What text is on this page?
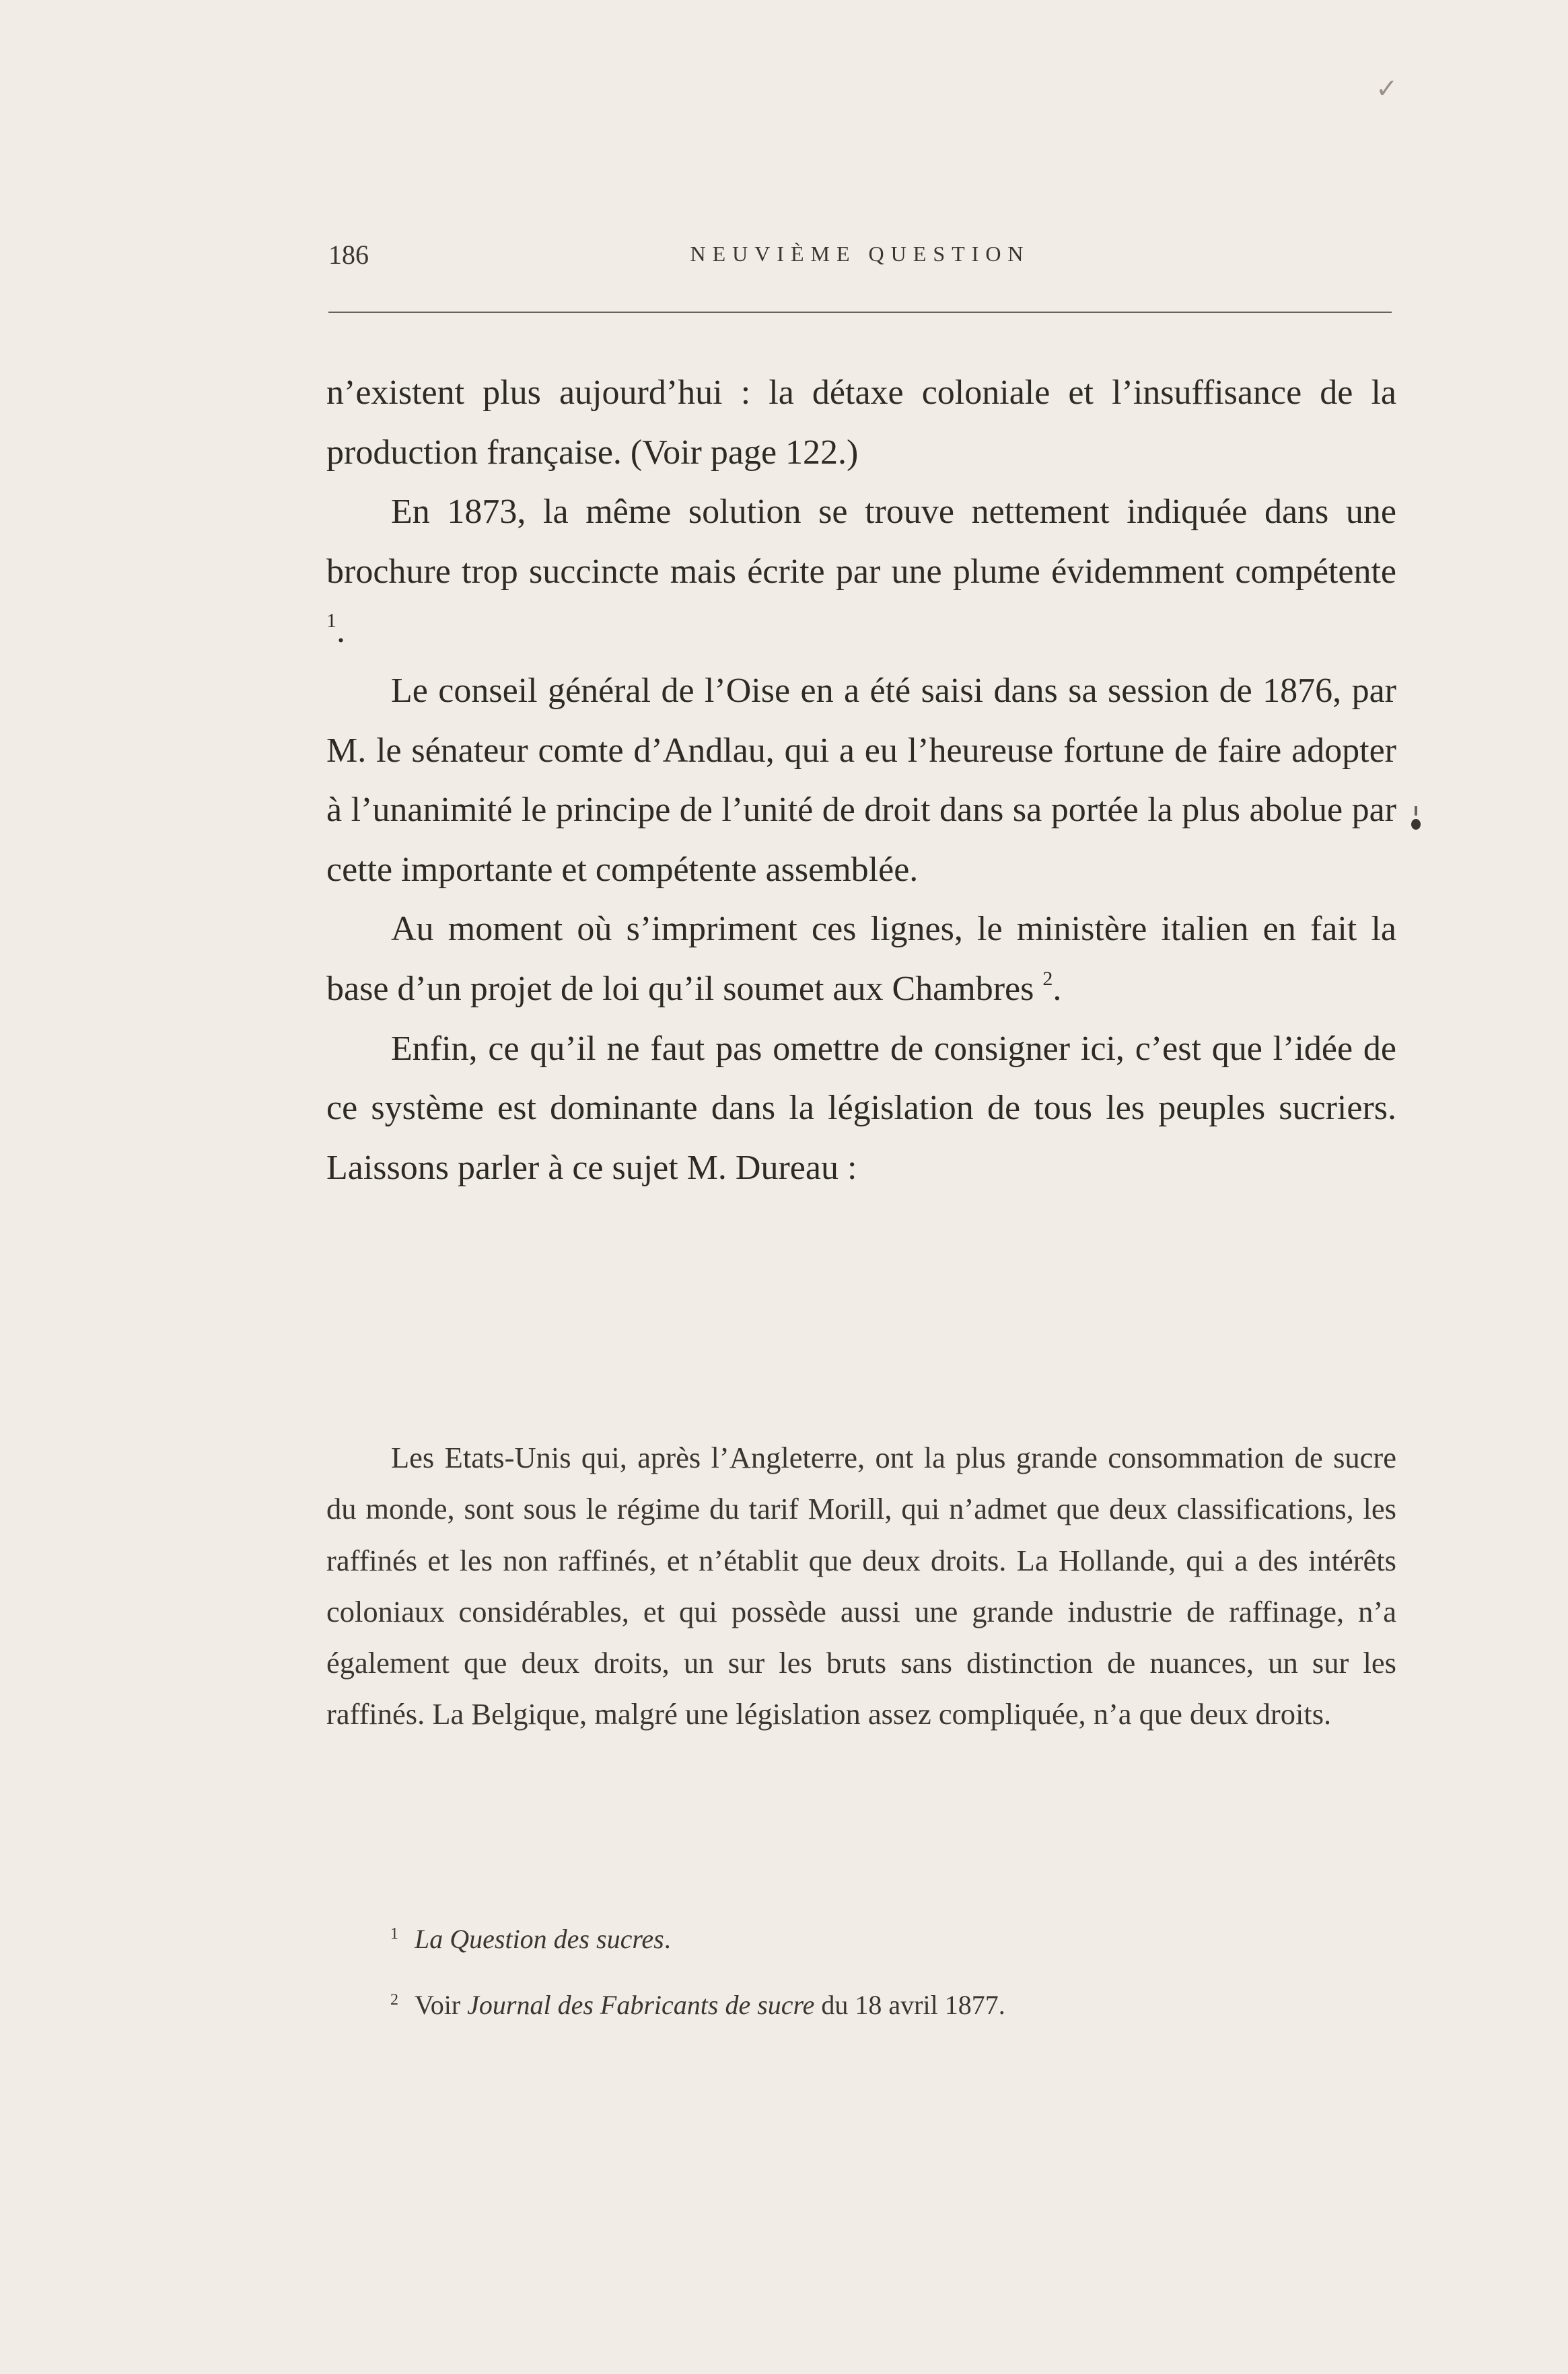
✓
186	NEUVIÈME QUESTION

n’existent plus aujourd’hui : la détaxe coloniale et l’insuffisance de la production française. (Voir page 122.)

En 1873, la même solution se trouve nettement indiquée dans une brochure trop succincte mais écrite par une plume évidemment compétente $^1$.

Le conseil général de l’Oise en a été saisi dans sa session de 1876, par M. le sénateur comte d’Andlau, qui a eu l’heureuse fortune de faire adopter à l’unanimité le principe de l’unité de droit dans sa portée la plus abolue par cette importante et compétente assemblée.

Au moment où s’impriment ces lignes, le ministère italien en fait la base d’un projet de loi qu’il soumet aux Chambres $^2$.

Enfin, ce qu’il ne faut pas omettre de consigner ici, c’est que l’idée de ce système est dominante dans la législation de tous les peuples sucriers. Laissons parler à ce sujet M. Dureau :

Les Etats-Unis qui, après l’Angleterre, ont la plus grande consommation de sucre du monde, sont sous le régime du tarif Morill, qui n’admet que deux classifications, les raffinés et les non raffinés, et n’établit que deux droits. La Hollande, qui a des intérêts coloniaux considérables, et qui possède aussi une grande industrie de raffinage, n’a également que deux droits, un sur les bruts sans distinction de nuances, un sur les raffinés. La Belgique, malgré une législation assez compliquée, n’a que deux droits.

$^1$ La Question des sucres.
$^2$ Voir Journal des Fabricants de sucre du 18 avril 1877.
